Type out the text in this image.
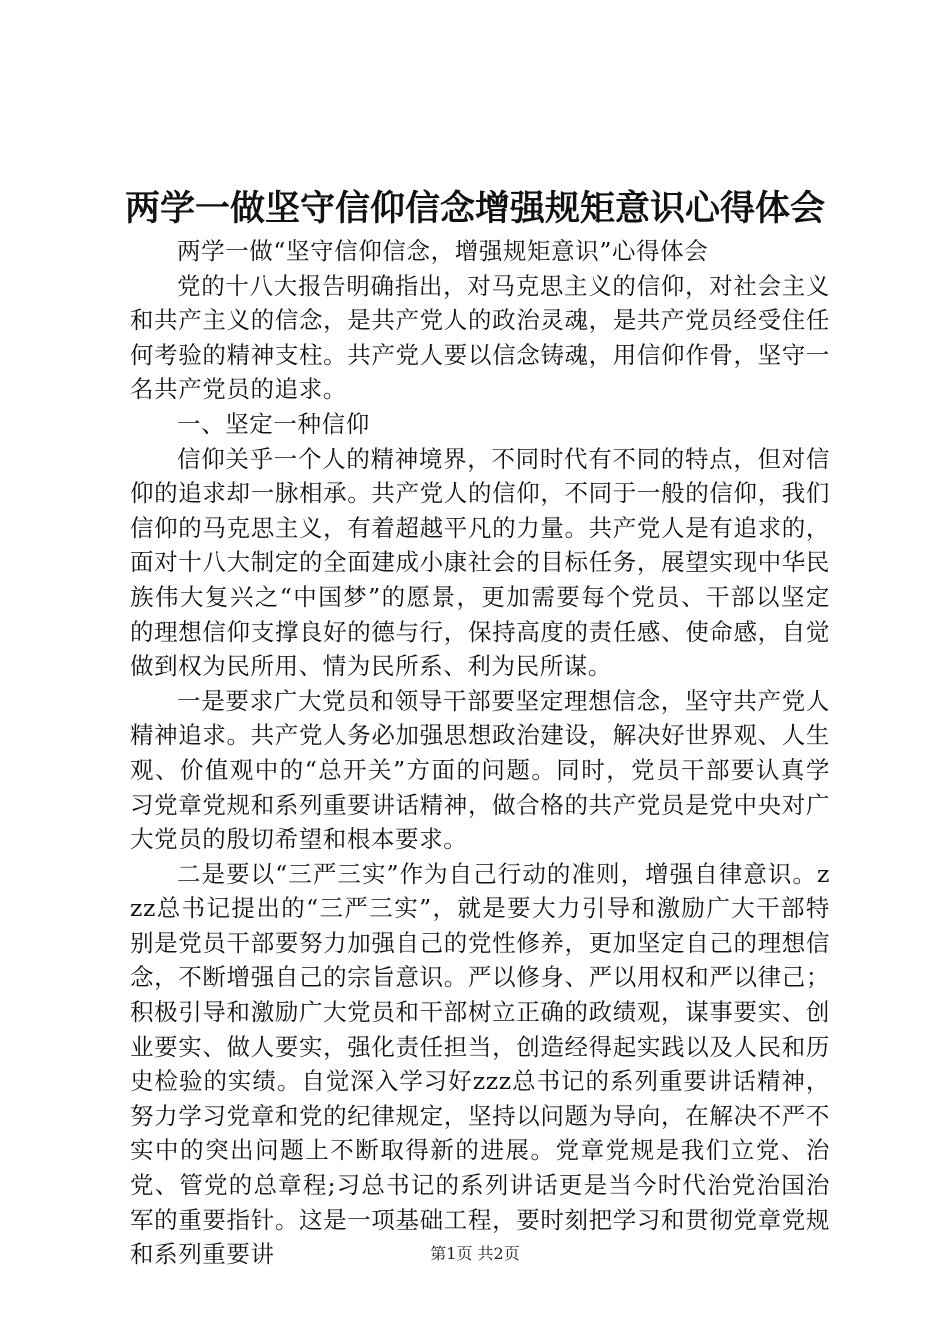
两学一做坚守信仰信念增强规矩意识心得体会

两学一做“坚守信仰信念，增强规矩意识”心得体会

党的十八大报告明确指出，对马克思主义的信仰，对社会主义和共产主义的信念，是共产党人的政治灵魂，是共产党员经受住任何考验的精神支柱。共产党人要以信念铸魂，用信仰作骨，坚守一名共产党员的追求。

一、坚定一种信仰

信仰关乎一个人的精神境界，不同时代有不同的特点，但对信仰的追求却一脉相承。共产党人的信仰，不同于一般的信仰，我们信仰的马克思主义，有着超越平凡的力量。共产党人是有追求的，面对十八大制定的全面建成小康社会的目标任务，展望实现中华民族伟大复兴之“中国梦”的愿景，更加需要每个党员、干部以坚定的理想信仰支撑良好的德与行，保持高度的责任感、使命感，自觉做到权为民所用、情为民所系、利为民所谋。

一是要求广大党员和领导干部要坚定理想信念，坚守共产党人精神追求。共产党人务必加强思想政治建设，解决好世界观、人生观、价值观中的“总开关”方面的问题。同时，党员干部要认真学习党章党规和系列重要讲话精神，做合格的共产党员是党中央对广大党员的殷切希望和根本要求。

二是要以“三严三实”作为自己行动的准则，增强自律意识。zzz总书记提出的“三严三实”，就是要大力引导和激励广大干部特别是党员干部要努力加强自己的党性修养，更加坚定自己的理想信念，不断增强自己的宗旨意识。严以修身、严以用权和严以律己；积极引导和激励广大党员和干部树立正确的政绩观，谋事要实、创业要实、做人要实，强化责任担当，创造经得起实践以及人民和历史检验的实绩。自觉深入学习好zzz总书记的系列重要讲话精神，努力学习党章和党的纪律规定，坚持以问题为导向，在解决不严不实中的突出问题上不断取得新的进展。党章党规是我们立党、治党、管党的总章程;习总书记的系列讲话更是当今时代治党治国治军的重要指针。这是一项基础工程，要时刻把学习和贯彻党章党规和系列重要讲	第1页 共2页
